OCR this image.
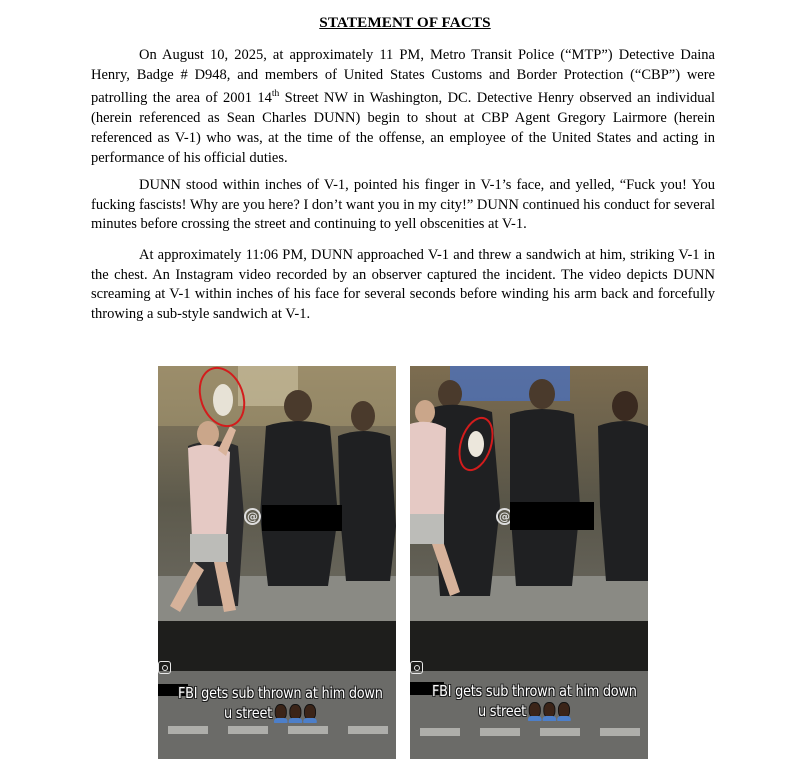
STATEMENT OF FACTS

On August 10, 2025, at approximately 11 PM, Metro Transit Police (“MTP”) Detective Daina Henry, Badge # D948, and members of United States Customs and Border Protection (“CBP”) were patrolling the area of 2001 14th Street NW in Washington, DC. Detective Henry observed an individual (herein referenced as Sean Charles DUNN) begin to shout at CBP Agent Gregory Lairmore (herein referenced as V-1) who was, at the time of the offense, an employee of the United States and acting in performance of his official duties.

DUNN stood within inches of V-1, pointed his finger in V-1’s face, and yelled, “Fuck you! You fucking fascists! Why are you here? I don’t want you in my city!” DUNN continued his conduct for several minutes before crossing the street and continuing to yell obscenities at V-1.

At approximately 11:06 PM, DUNN approached V-1 and threw a sandwich at him, striking V-1 in the chest. An Instagram video recorded by an observer captured the incident. The video depicts DUNN screaming at V-1 within inches of his face for several seconds before winding his arm back and forcefully throwing a sub-style sandwich at V-1.

@
FBI gets sub thrown at him down
u street
@
FBI gets sub thrown at him down
u street
